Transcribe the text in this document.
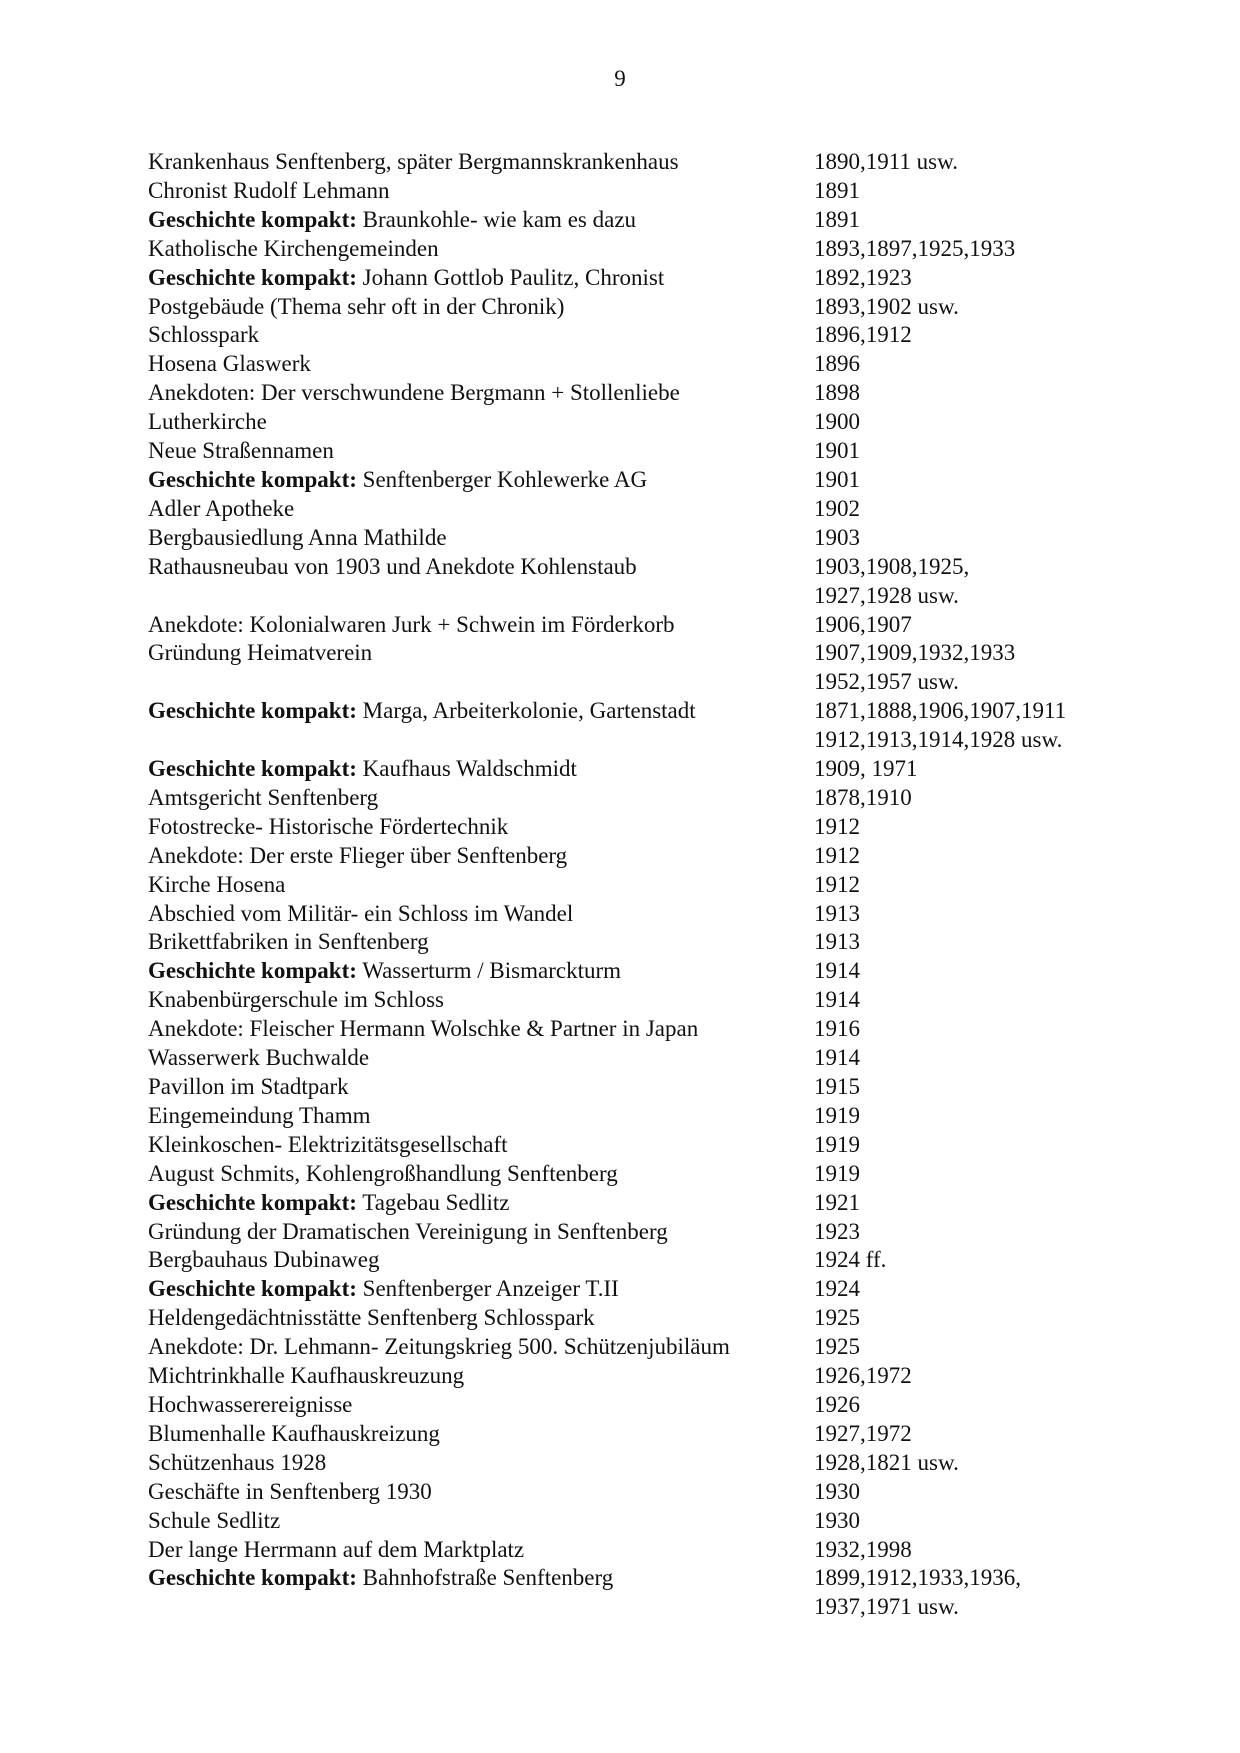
9
Krankenhaus Senftenberg, später Bergmannskrankenhaus	1890,1911 usw.
Chronist Rudolf Lehmann	1891
Geschichte kompakt: Braunkohle- wie kam es dazu	1891
Katholische Kirchengemeinden	1893,1897,1925,1933
Geschichte kompakt: Johann Gottlob Paulitz, Chronist	1892,1923
Postgebäude (Thema sehr oft in der Chronik)	1893,1902 usw.
Schlosspark	1896,1912
Hosena Glaswerk	1896
Anekdoten: Der verschwundene Bergmann + Stollenliebe	1898
Lutherkirche	1900
Neue Straßennamen	1901
Geschichte kompakt: Senftenberger Kohlewerke AG	1901
Adler Apotheke	1902
Bergbausiedlung Anna Mathilde	1903
Rathausneubau von 1903 und Anekdote Kohlenstaub	1903,1908,1925,
1927,1928 usw.
Anekdote: Kolonialwaren Jurk + Schwein im Förderkorb	1906,1907
Gründung Heimatverein	1907,1909,1932,1933
1952,1957 usw.
Geschichte kompakt: Marga, Arbeiterkolonie, Gartenstadt	1871,1888,1906,1907,1911
1912,1913,1914,1928 usw.
Geschichte kompakt: Kaufhaus Waldschmidt	1909, 1971
Amtsgericht Senftenberg	1878,1910
Fotostrecke- Historische Fördertechnik	1912
Anekdote: Der erste Flieger über Senftenberg	1912
Kirche Hosena	1912
Abschied vom Militär- ein Schloss im Wandel	1913
Brikettfabriken in Senftenberg	1913
Geschichte kompakt: Wasserturm / Bismarckturm	1914
Knabenbürgerschule im Schloss	1914
Anekdote: Fleischer Hermann Wolschke & Partner in Japan	1916
Wasserwerk Buchwalde	1914
Pavillon im Stadtpark	1915
Eingemeindung Thamm	1919
Kleinkoschen- Elektrizitätsgesellschaft	1919
August Schmits, Kohlengroßhandlung Senftenberg	1919
Geschichte kompakt: Tagebau Sedlitz	1921
Gründung der Dramatischen Vereinigung in Senftenberg	1923
Bergbauhaus Dubinaweg	1924 ff.
Geschichte kompakt: Senftenberger Anzeiger T.II	1924
Heldengedächtnisstätte Senftenberg Schlosspark	1925
Anekdote: Dr. Lehmann- Zeitungskrieg 500. Schützenjubiläum	1925
Michtrinkhalle Kaufhauskreuzung	1926,1972
Hochwasserereignisse	1926
Blumenhalle Kaufhauskreizung	1927,1972
Schützenhaus 1928	1928,1821 usw.
Geschäfte in Senftenberg 1930	1930
Schule Sedlitz	1930
Der lange Herrmann auf dem Marktplatz	1932,1998
Geschichte kompakt: Bahnhofstraße Senftenberg	1899,1912,1933,1936,
1937,1971 usw.
